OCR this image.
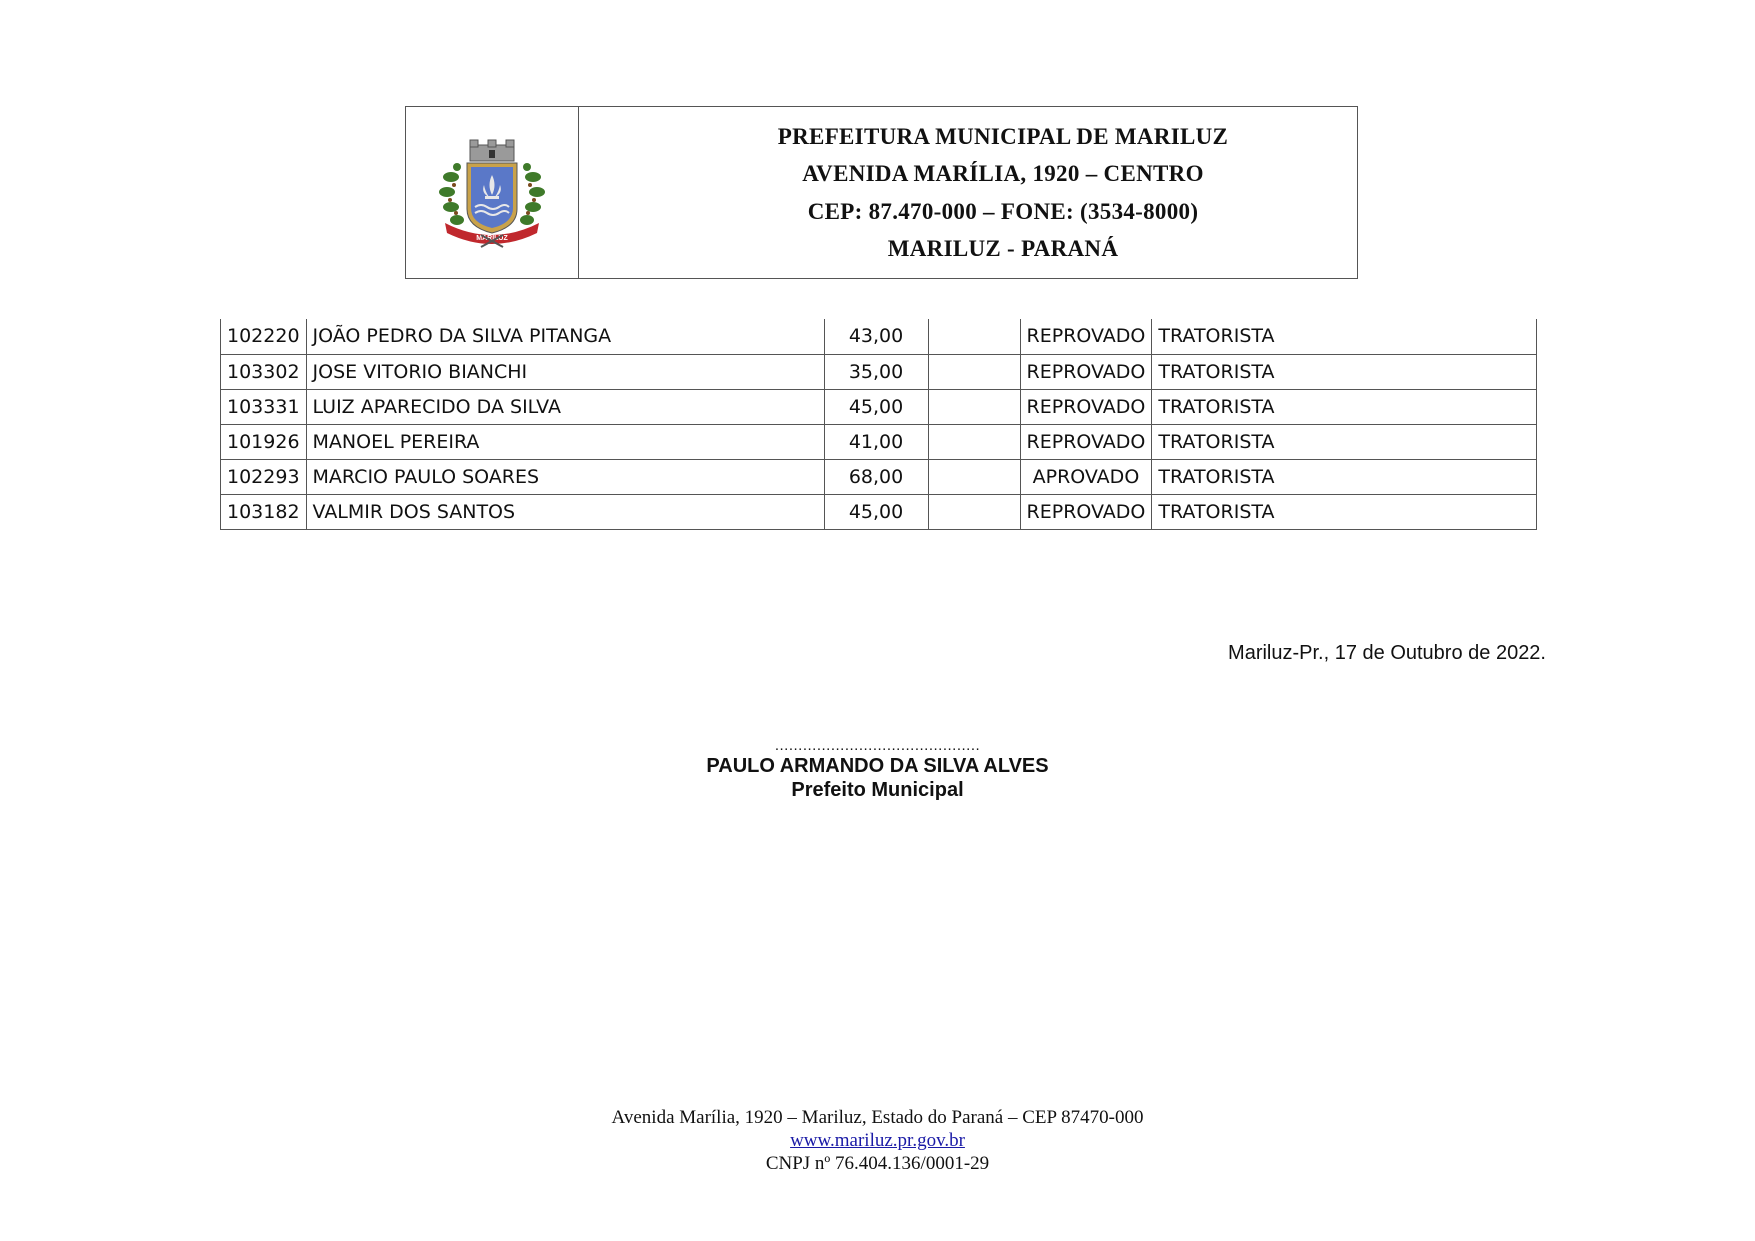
MARILUZ
PREFEITURA MUNICIPAL DE MARILUZ
AVENIDA MARÍLIA, 1920 – CENTRO
CEP: 87.470-000 – FONE: (3534-8000)
MARILUZ - PARANÁ
102220	JOÃO PEDRO DA SILVA PITANGA	43,00		REPROVADO	TRATORISTA
103302	JOSE VITORIO BIANCHI	35,00		REPROVADO	TRATORISTA
103331	LUIZ APARECIDO DA SILVA	45,00		REPROVADO	TRATORISTA
101926	MANOEL PEREIRA	41,00		REPROVADO	TRATORISTA
102293	MARCIO PAULO SOARES	68,00		APROVADO	TRATORISTA
103182	VALMIR DOS SANTOS	45,00		REPROVADO	TRATORISTA
Mariluz-Pr., 17 de Outubro de 2022.
............................................
PAULO ARMANDO DA SILVA ALVES
Prefeito Municipal
Avenida Marília, 1920 – Mariluz, Estado do Paraná – CEP 87470-000
www.mariluz.pr.gov.br
CNPJ nº 76.404.136/0001-29
